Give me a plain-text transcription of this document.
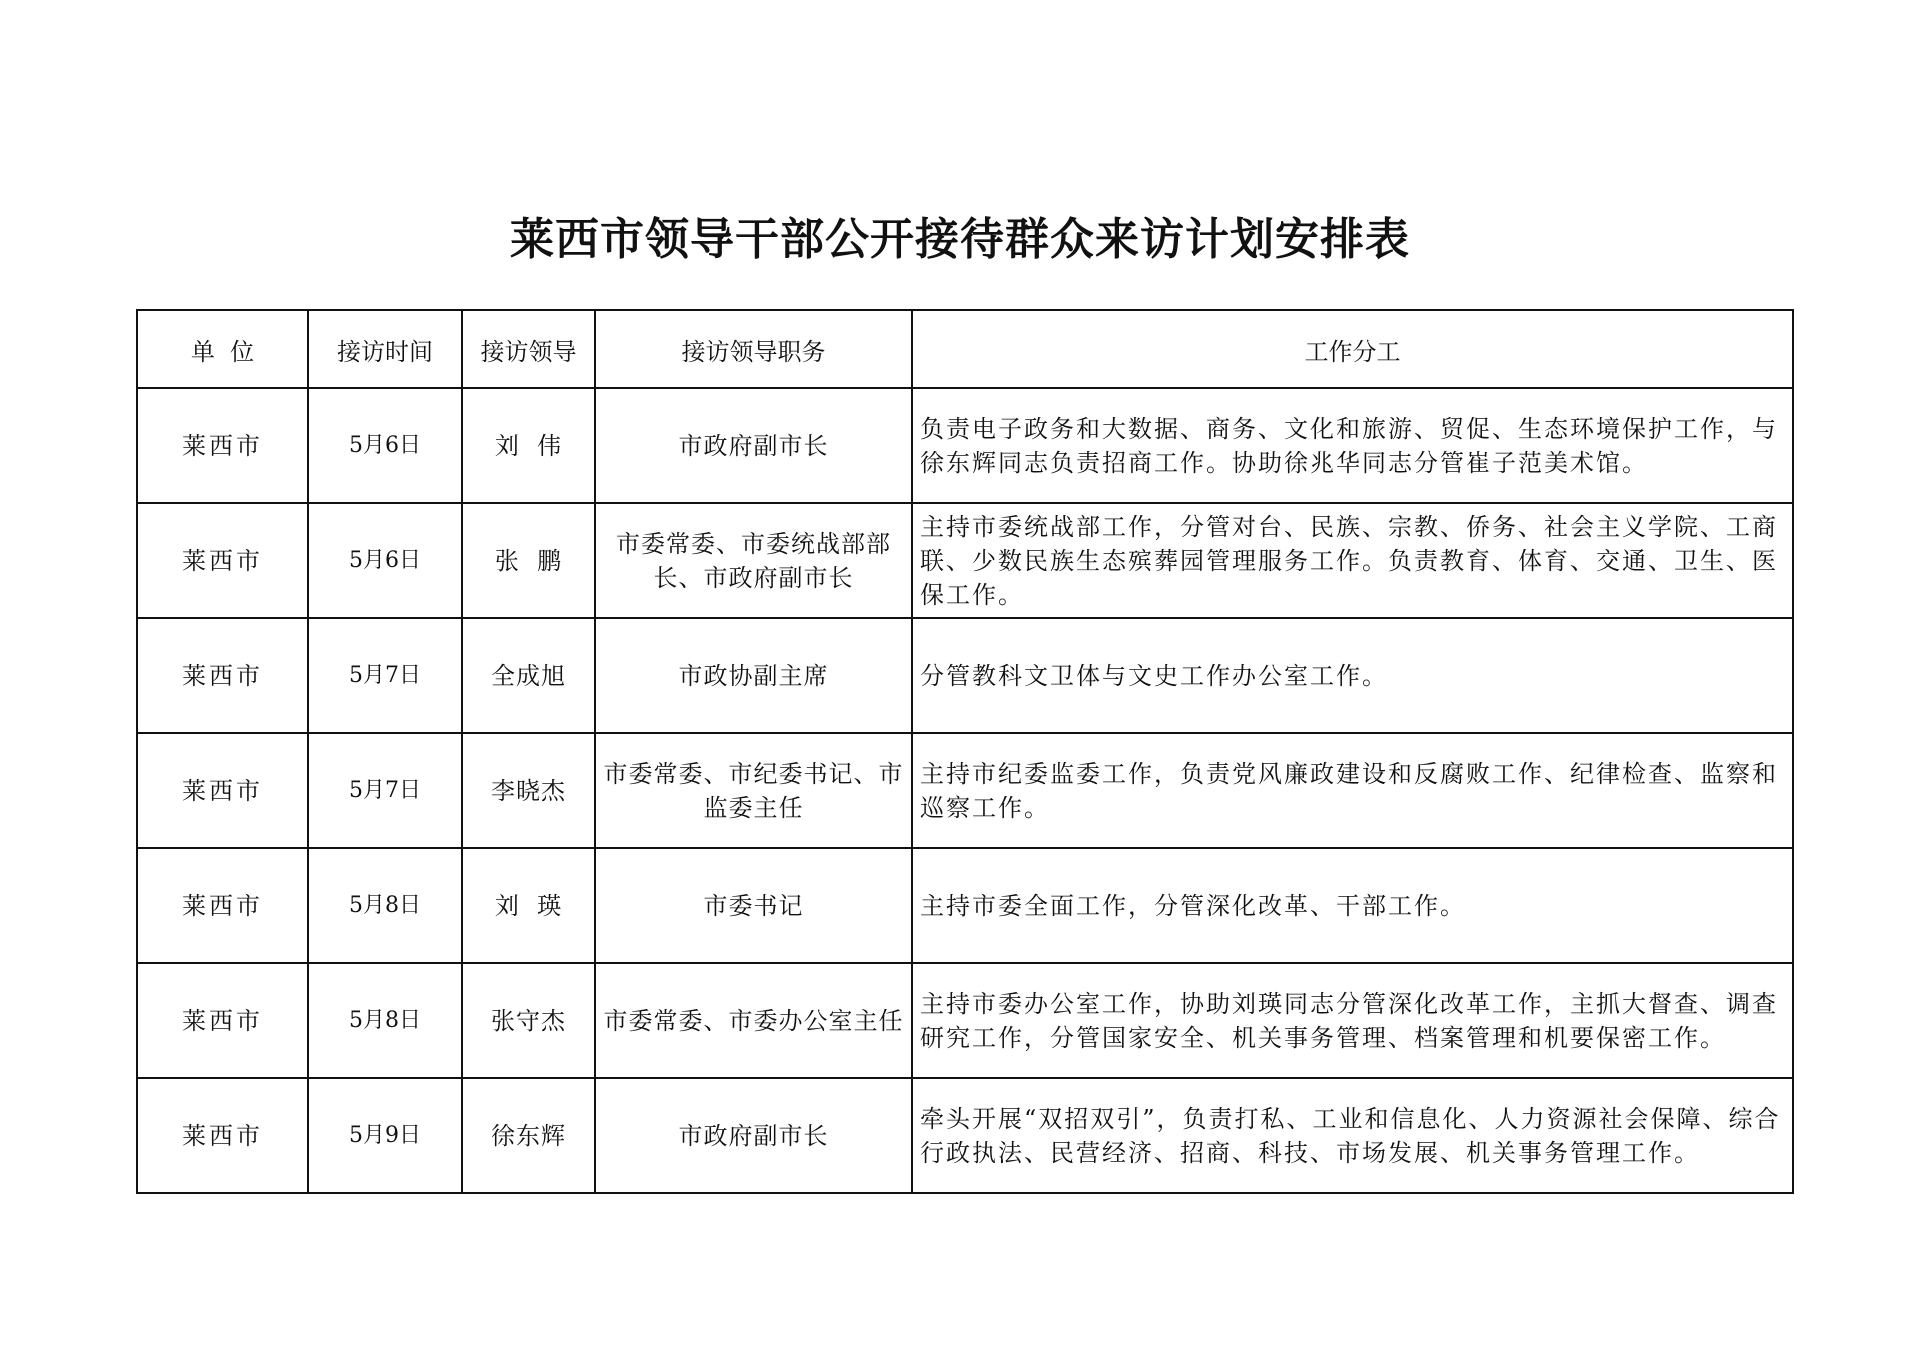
莱西市领导干部公开接待群众来访计划安排表
单  位	接访时间	接访领导	接访领导职务	工作分工
莱西市	5月6日	刘  伟	市政府副市长	负责电子政务和大数据、商务、文化和旅游、贸促、生态环境保护工作，与徐东辉同志负责招商工作。协助徐兆华同志分管崔子范美术馆。
莱西市	5月6日	张  鹏	市委常委、市委统战部部长、市政府副市长	主持市委统战部工作，分管对台、民族、宗教、侨务、社会主义学院、工商联、少数民族生态殡葬园管理服务工作。负责教育、体育、交通、卫生、医保工作。
莱西市	5月7日	全成旭	市政协副主席	分管教科文卫体与文史工作办公室工作。
莱西市	5月7日	李晓杰	市委常委、市纪委书记、市监委主任	主持市纪委监委工作，负责党风廉政建设和反腐败工作、纪律检查、监察和巡察工作。
莱西市	5月8日	刘  瑛	市委书记	主持市委全面工作，分管深化改革、干部工作。
莱西市	5月8日	张守杰	市委常委、市委办公室主任	主持市委办公室工作，协助刘瑛同志分管深化改革工作，主抓大督查、调查研究工作，分管国家安全、机关事务管理、档案管理和机要保密工作。
莱西市	5月9日	徐东辉	市政府副市长	牵头开展“双招双引”，负责打私、工业和信息化、人力资源社会保障、综合行政执法、民营经济、招商、科技、市场发展、机关事务管理工作。
